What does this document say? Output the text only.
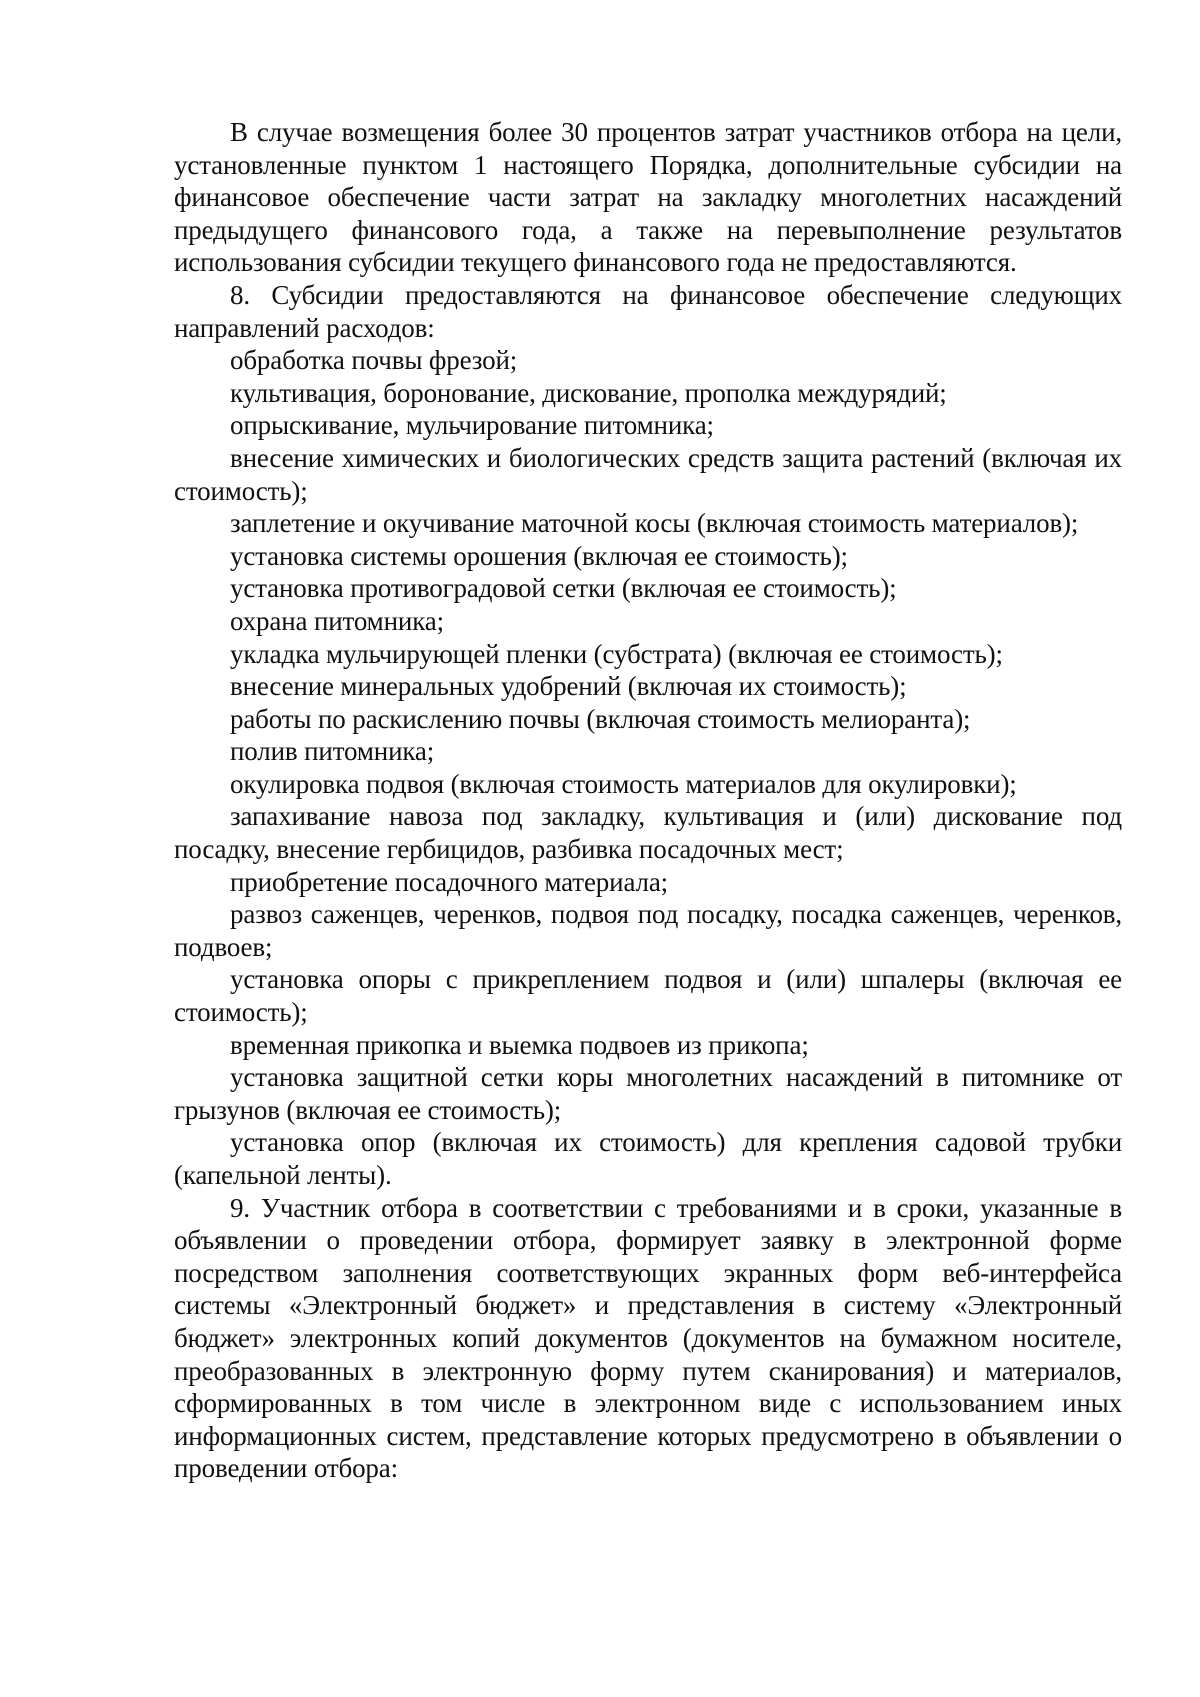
В случае возмещения более 30 процентов затрат участников отбора на цели, установленные пунктом 1 настоящего Порядка, дополнительные субсидии на финансовое обеспечение части затрат на закладку многолетних насаждений предыдущего финансового года, а также на перевыполнение результатов использования субсидии текущего финансового года не предоставляются.

8. Субсидии предоставляются на финансовое обеспечение следующих направлений расходов:

обработка почвы фрезой;

культивация, боронование, дискование, прополка междурядий;

опрыскивание, мульчирование питомника;

внесение химических и биологических средств защита растений (включая их стоимость);

заплетение и окучивание маточной косы (включая стоимость материалов);

установка системы орошения (включая ее стоимость);

установка противоградовой сетки (включая ее стоимость);

охрана питомника;

укладка мульчирующей пленки (субстрата) (включая ее стоимость);

внесение минеральных удобрений (включая их стоимость);

работы по раскислению почвы (включая стоимость мелиоранта);

полив питомника;

окулировка подвоя (включая стоимость материалов для окулировки);

запахивание навоза под закладку, культивация и (или) дискование под посадку, внесение гербицидов, разбивка посадочных мест;

приобретение посадочного материала;

развоз саженцев, черенков, подвоя под посадку, посадка саженцев, черенков, подвоев;

установка опоры с прикреплением подвоя и (или) шпалеры (включая ее стоимость);

временная прикопка и выемка подвоев из прикопа;

установка защитной сетки коры многолетних насаждений в питомнике от грызунов (включая ее стоимость);

установка опор (включая их стоимость) для крепления садовой трубки (капельной ленты).

9. Участник отбора в соответствии с требованиями и в сроки, указанные в объявлении о проведении отбора, формирует заявку в электронной форме посредством заполнения соответствующих экранных форм веб-интерфейса системы «Электронный бюджет» и представления в систему «Электронный бюджет» электронных копий документов (документов на бумажном носителе, преобразованных в электронную форму путем сканирования) и материалов, сформированных в том числе в электронном виде с использованием иных информационных систем, представление которых предусмотрено в объявлении о проведении отбора:
